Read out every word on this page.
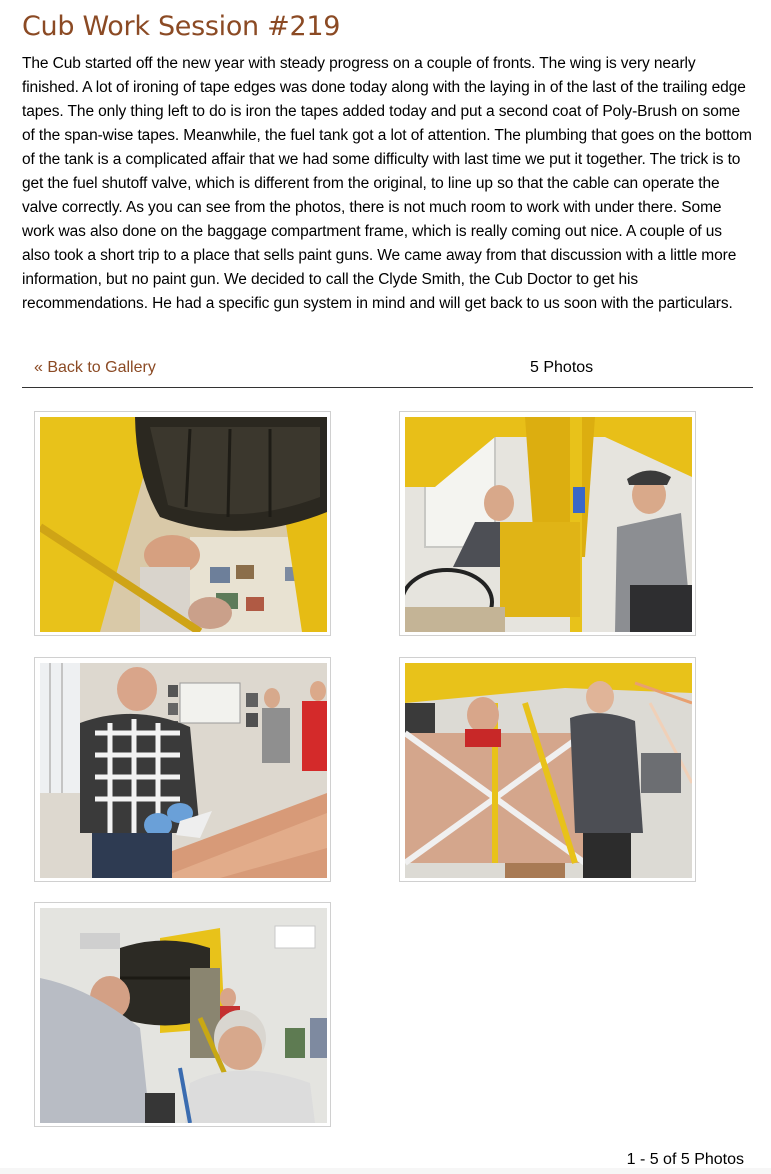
Cub Work Session #219

The Cub started off the new year with steady progress on a couple of fronts. The wing is very nearly finished. A lot of ironing of tape edges was done today along with the laying in of the last of the trailing edge tapes. The only thing left to do is iron the tapes added today and put a second coat of Poly-Brush on some of the span-wise tapes. Meanwhile, the fuel tank got a lot of attention. The plumbing that goes on the bottom of the tank is a complicated affair that we had some difficulty with last time we put it together. The trick is to get the fuel shutoff valve, which is different from the original, to line up so that the cable can operate the valve correctly. As you can see from the photos, there is not much room to work with under there. Some work was also done on the baggage compartment frame, which is really coming out nice. A couple of us also took a short trip to a place that sells paint guns. We came away from that discussion with a little more information, but no paint gun. We decided to call the Clyde Smith, the Cub Doctor to get his recommendations. He had a specific gun system in mind and will get back to us soon with the particulars.

« Back to Gallery	5 Photos
1 - 5 of 5 Photos
